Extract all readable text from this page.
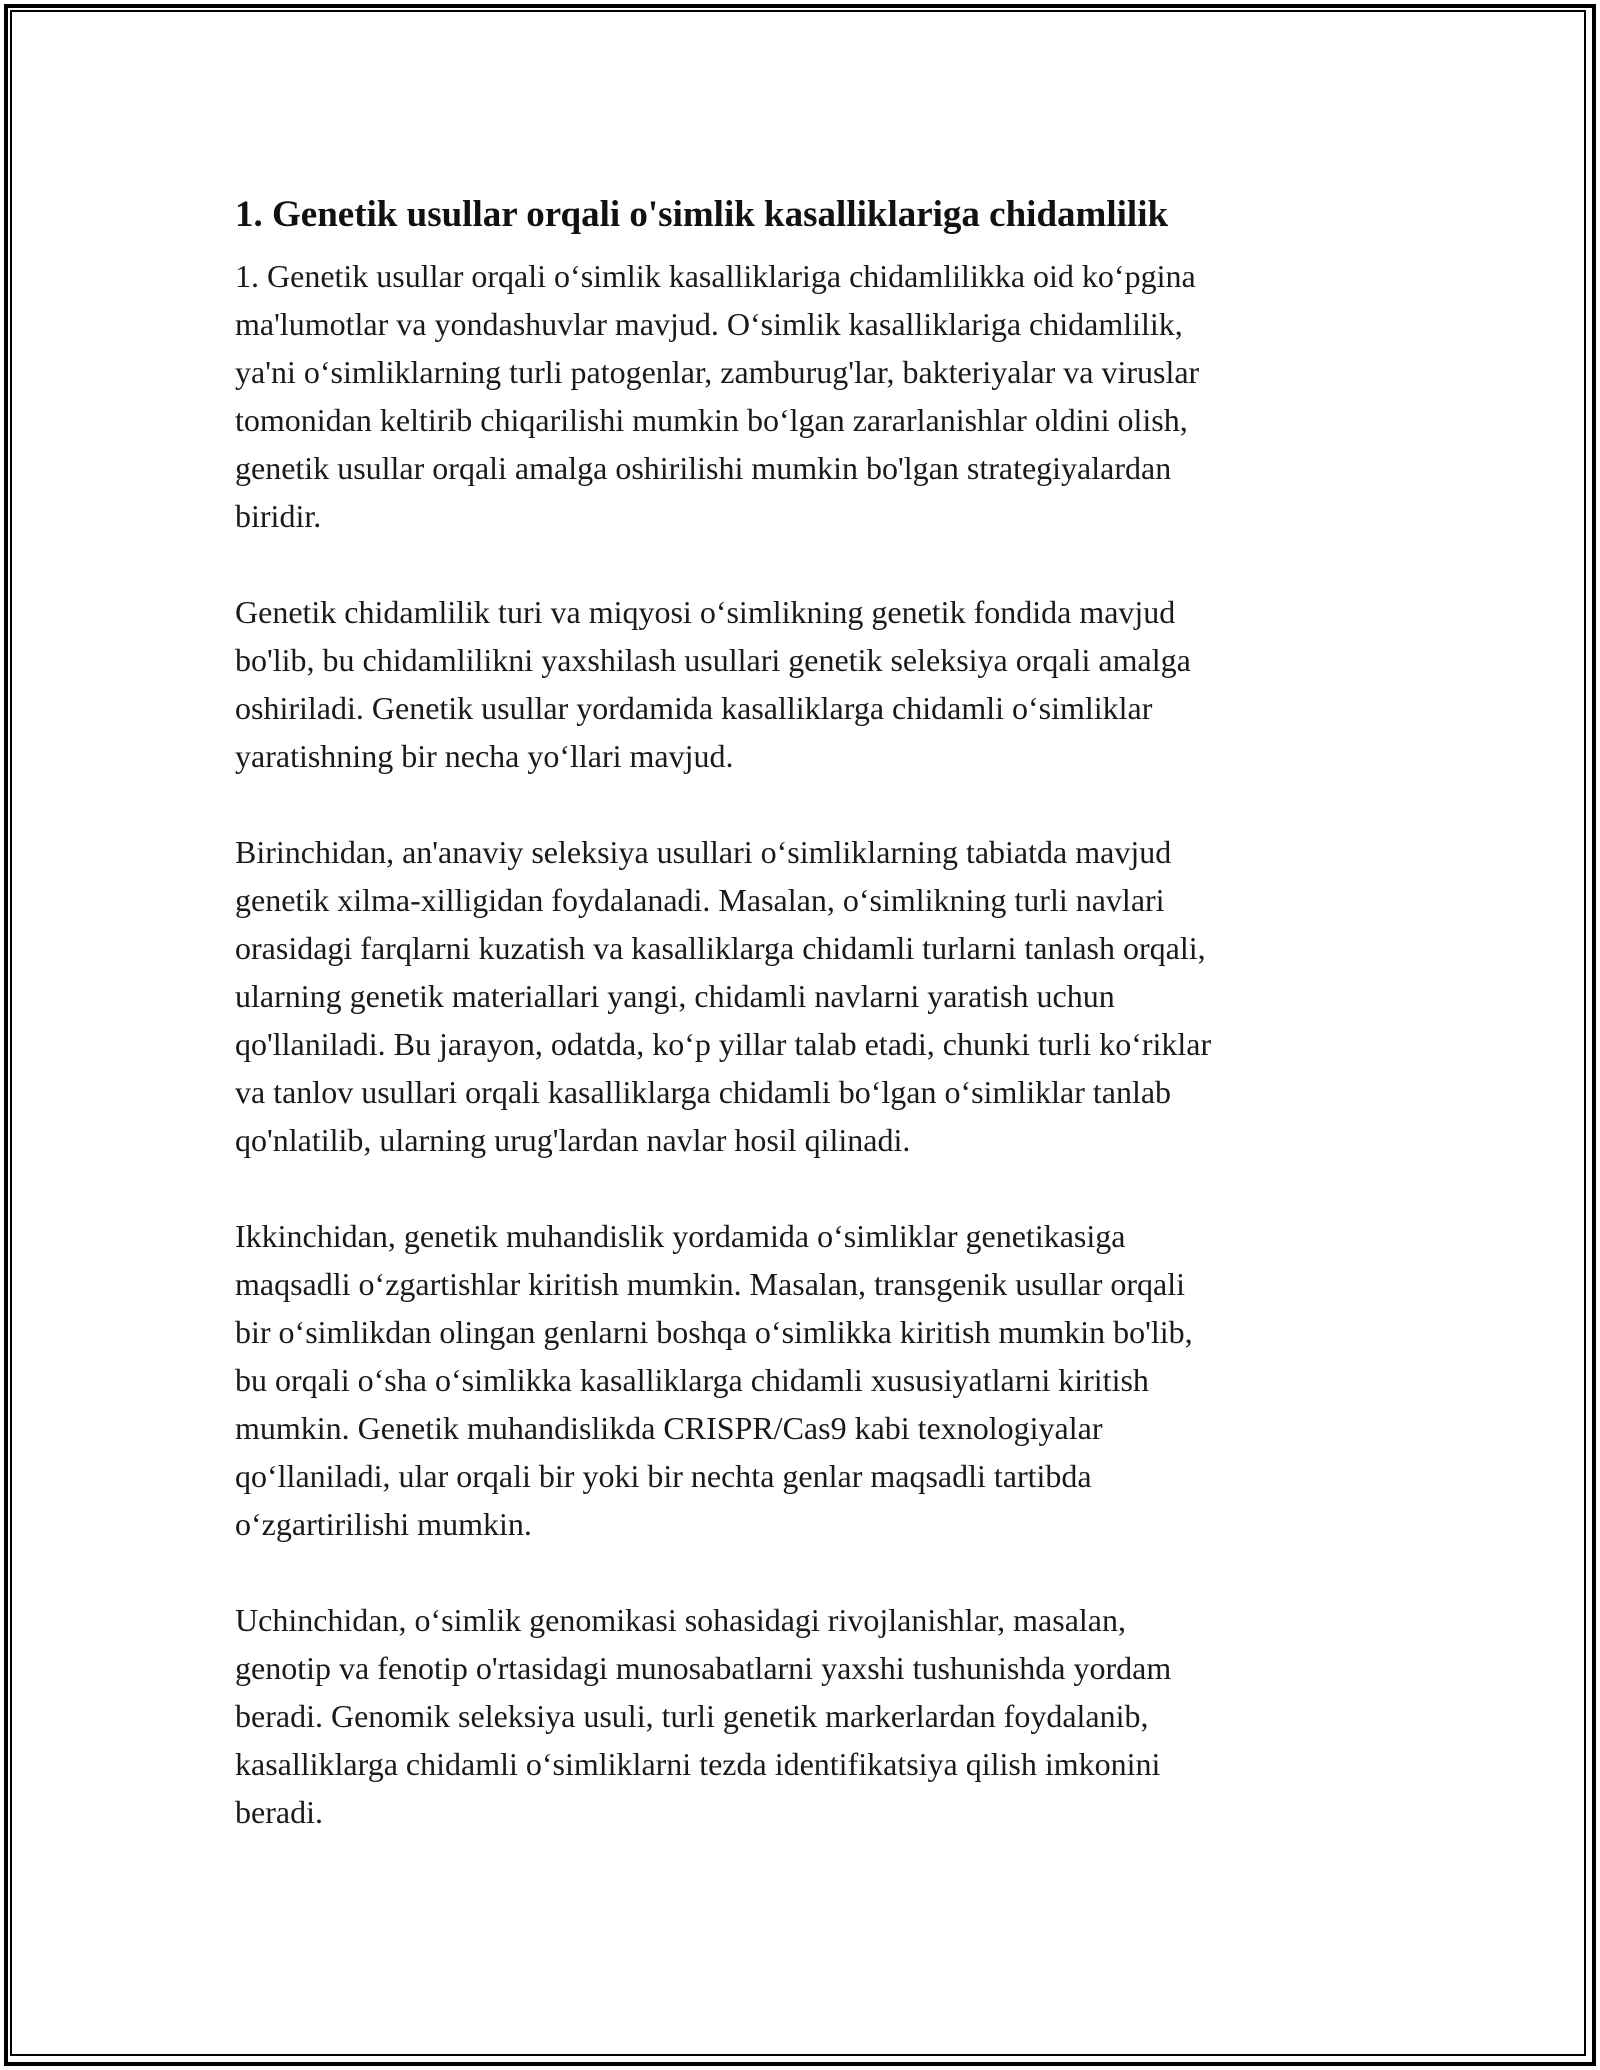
1. Genetik usullar orqali o'simlik kasalliklariga chidamlilik

1. Genetik usullar orqali o‘simlik kasalliklariga chidamlilikka oid ko‘pgina
ma'lumotlar va yondashuvlar mavjud. O‘simlik kasalliklariga chidamlilik,
ya'ni o‘simliklarning turli patogenlar, zamburug'lar, bakteriyalar va viruslar
tomonidan keltirib chiqarilishi mumkin bo‘lgan zararlanishlar oldini olish,
genetik usullar orqali amalga oshirilishi mumkin bo'lgan strategiyalardan
biridir.

Genetik chidamlilik turi va miqyosi o‘simlikning genetik fondida mavjud
bo'lib, bu chidamlilikni yaxshilash usullari genetik seleksiya orqali amalga
oshiriladi. Genetik usullar yordamida kasalliklarga chidamli o‘simliklar
yaratishning bir necha yo‘llari mavjud.

Birinchidan, an'anaviy seleksiya usullari o‘simliklarning tabiatda mavjud
genetik xilma-xilligidan foydalanadi. Masalan, o‘simlikning turli navlari
orasidagi farqlarni kuzatish va kasalliklarga chidamli turlarni tanlash orqali,
ularning genetik materiallari yangi, chidamli navlarni yaratish uchun
qo'llaniladi. Bu jarayon, odatda, ko‘p yillar talab etadi, chunki turli ko‘riklar
va tanlov usullari orqali kasalliklarga chidamli bo‘lgan o‘simliklar tanlab
qo'nlatilib, ularning urug'lardan navlar hosil qilinadi.

Ikkinchidan, genetik muhandislik yordamida o‘simliklar genetikasiga
maqsadli o‘zgartishlar kiritish mumkin. Masalan, transgenik usullar orqali
bir o‘simlikdan olingan genlarni boshqa o‘simlikka kiritish mumkin bo'lib,
bu orqali o‘sha o‘simlikka kasalliklarga chidamli xususiyatlarni kiritish
mumkin. Genetik muhandislikda CRISPR/Cas9 kabi texnologiyalar
qo‘llaniladi, ular orqali bir yoki bir nechta genlar maqsadli tartibda
o‘zgartirilishi mumkin.

Uchinchidan, o‘simlik genomikasi sohasidagi rivojlanishlar, masalan,
genotip va fenotip o'rtasidagi munosabatlarni yaxshi tushunishda yordam
beradi. Genomik seleksiya usuli, turli genetik markerlardan foydalanib,
kasalliklarga chidamli o‘simliklarni tezda identifikatsiya qilish imkonini
beradi.
